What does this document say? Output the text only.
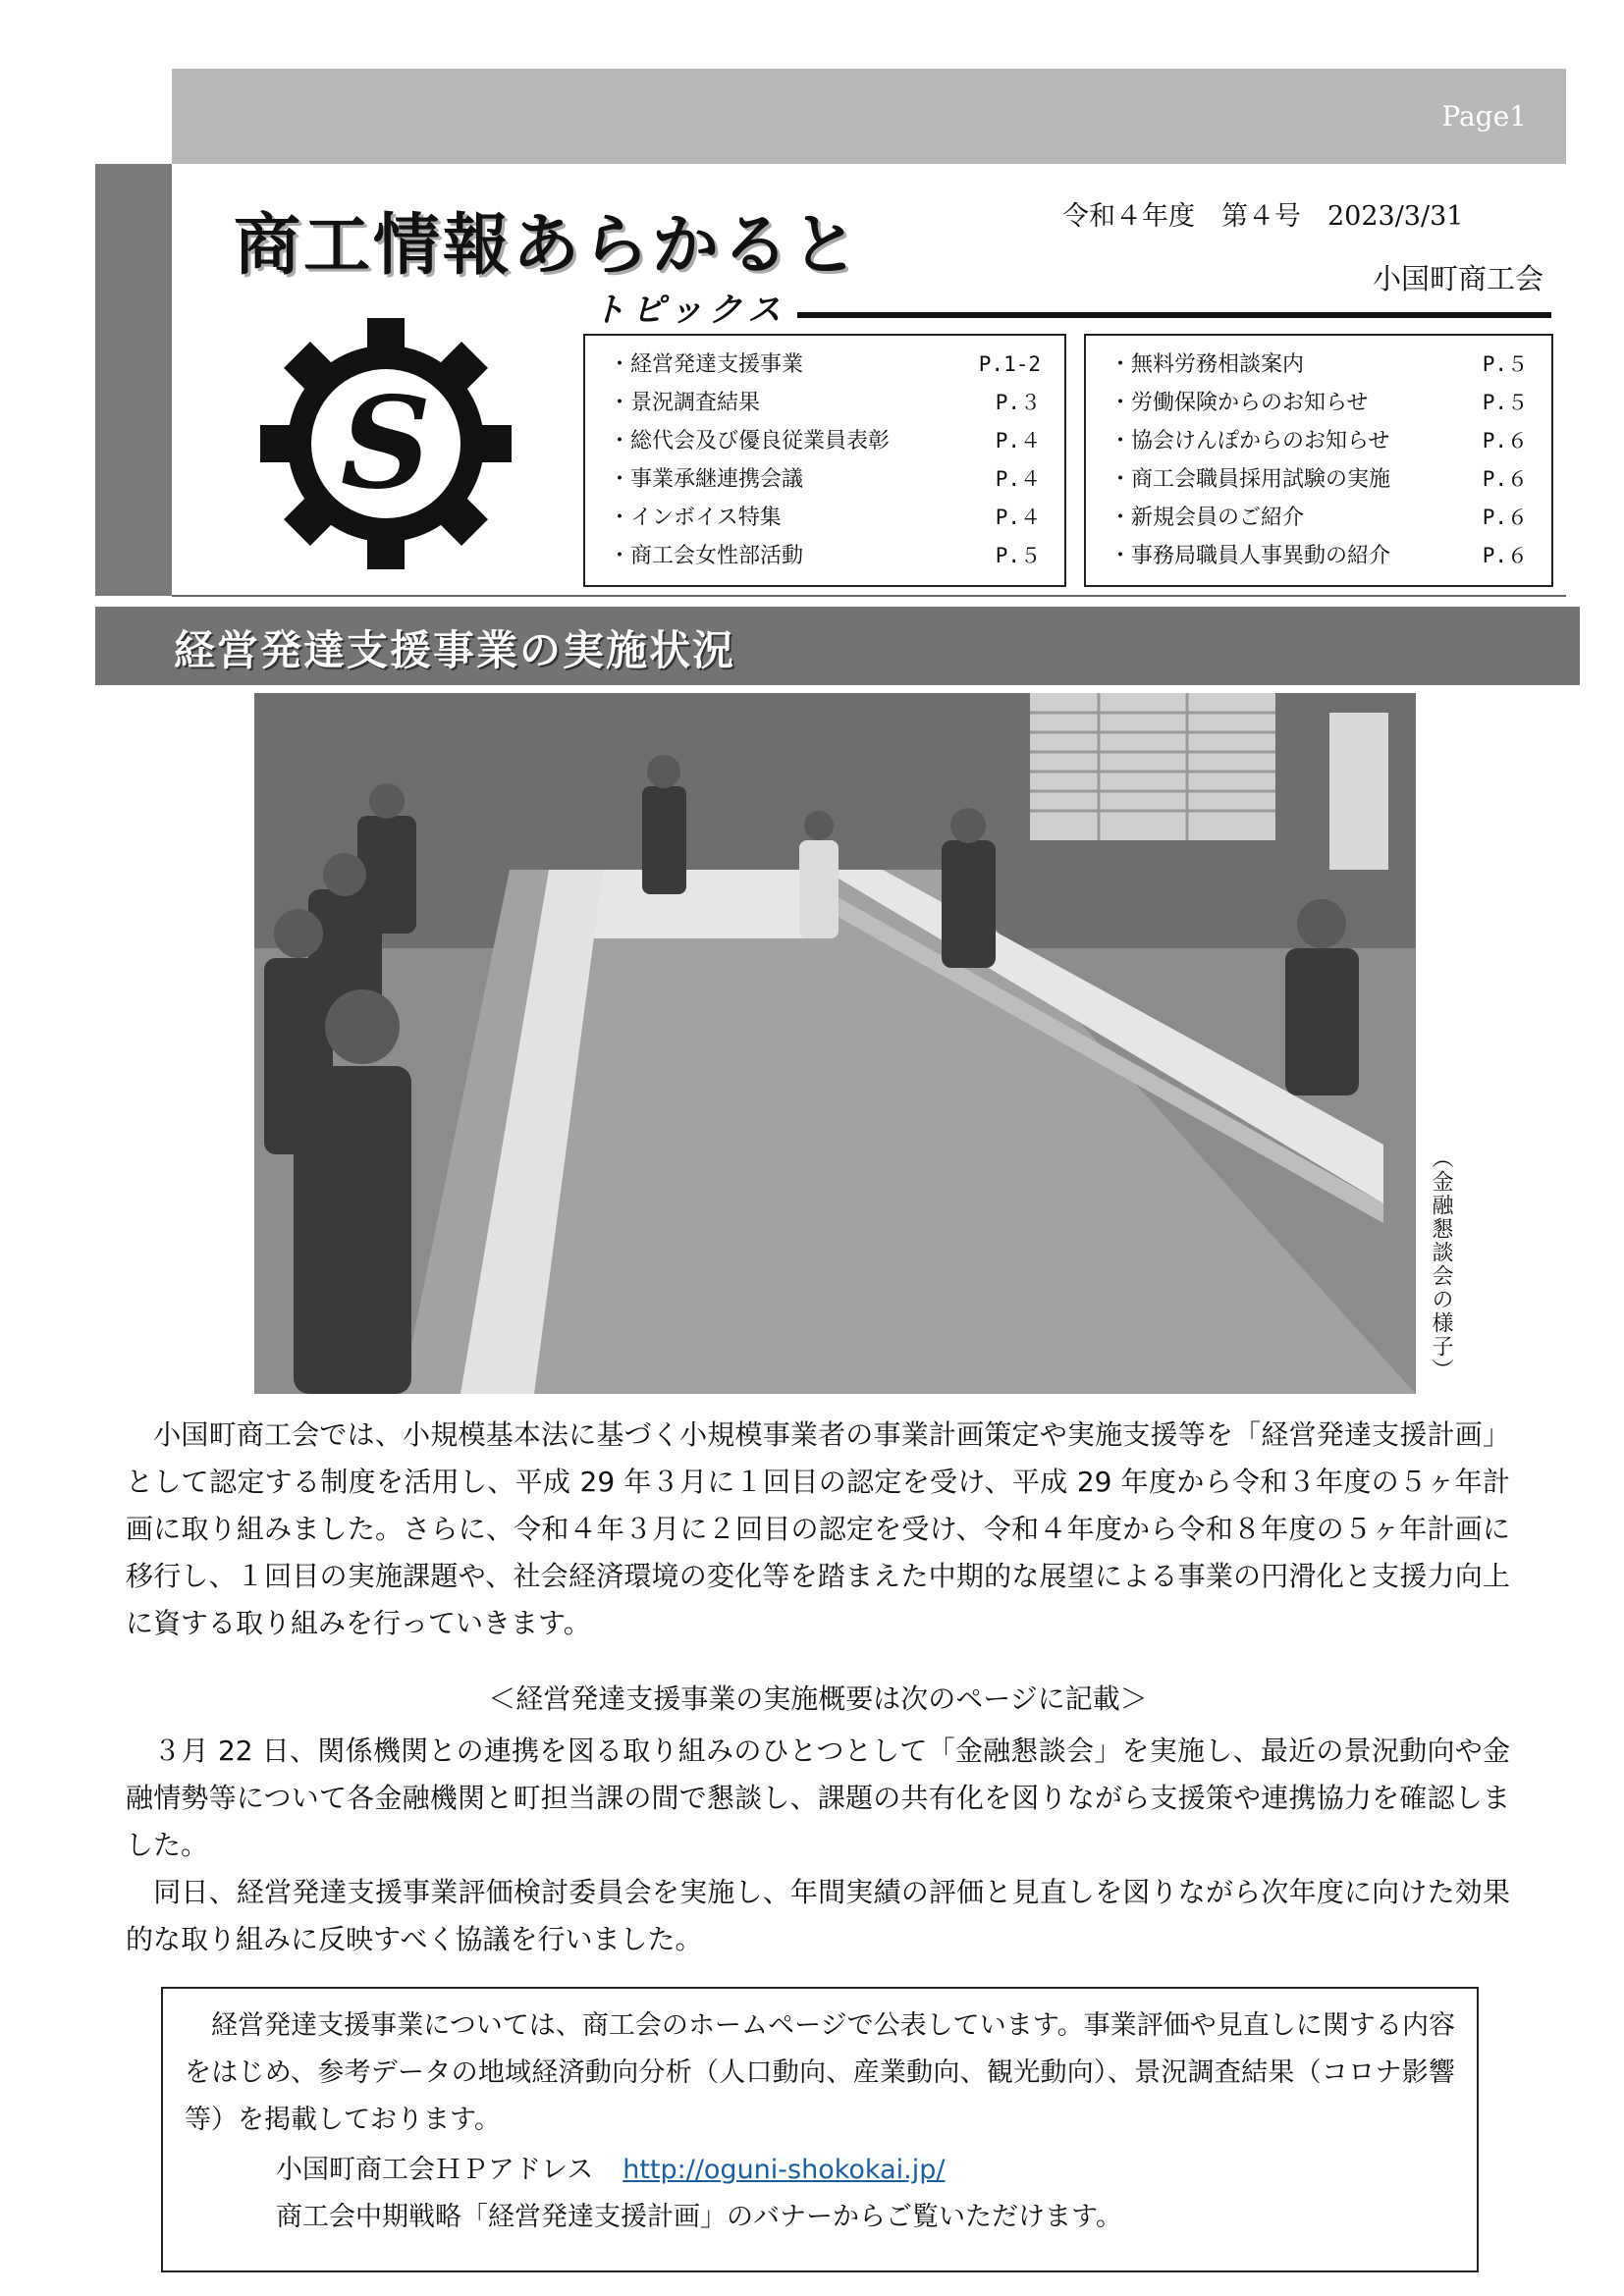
Page1
商工情報あらかると	令和４年度　第４号　2023/3/31
小国町商工会
トピックス
S
・経営発達支援事業	P.1-2
・景況調査結果	P.３
・総代会及び優良従業員表彰	P.４
・事業承継連携会議	P.４
・インボイス特集	P.４
・商工会女性部活動	P.５
・無料労務相談案内	P.５
・労働保険からのお知らせ	P.５
・協会けんぽからのお知らせ	P.６
・商工会職員採用試験の実施	P.６
・新規会員のご紹介	P.６
・事務局職員人事異動の紹介	P.６
経営発達支援事業の実施状況
（金融懇談会の様子）

　小国町商工会では、小規模基本法に基づく小規模事業者の事業計画策定や実施支援等を「経営発達支援計画」として認定する制度を活用し、平成 29 年３月に１回目の認定を受け、平成 29 年度から令和３年度の５ヶ年計画に取り組みました。さらに、令和４年３月に２回目の認定を受け、令和４年度から令和８年度の５ヶ年計画に移行し、１回目の実施課題や、社会経済環境の変化等を踏まえた中期的な展望による事業の円滑化と支援力向上に資する取り組みを行っていきます。

＜経営発達支援事業の実施概要は次のページに記載＞

　３月 22 日、関係機関との連携を図る取り組みのひとつとして「金融懇談会」を実施し、最近の景況動向や金融情勢等について各金融機関と町担当課の間で懇談し、課題の共有化を図りながら支援策や連携協力を確認しました。

　同日、経営発達支援事業評価検討委員会を実施し、年間実績の評価と見直しを図りながら次年度に向けた効果的な取り組みに反映すべく協議を行いました。

　経営発達支援事業については、商工会のホームページで公表しています。事業評価や見直しに関する内容をはじめ、参考データの地域経済動向分析（人口動向、産業動向、観光動向）、景況調査結果（コロナ影響等）を掲載しております。

小国町商工会ＨＰアドレス http://oguni-shokokai.jp/
商工会中期戦略「経営発達支援計画」のバナーからご覧いただけます。
